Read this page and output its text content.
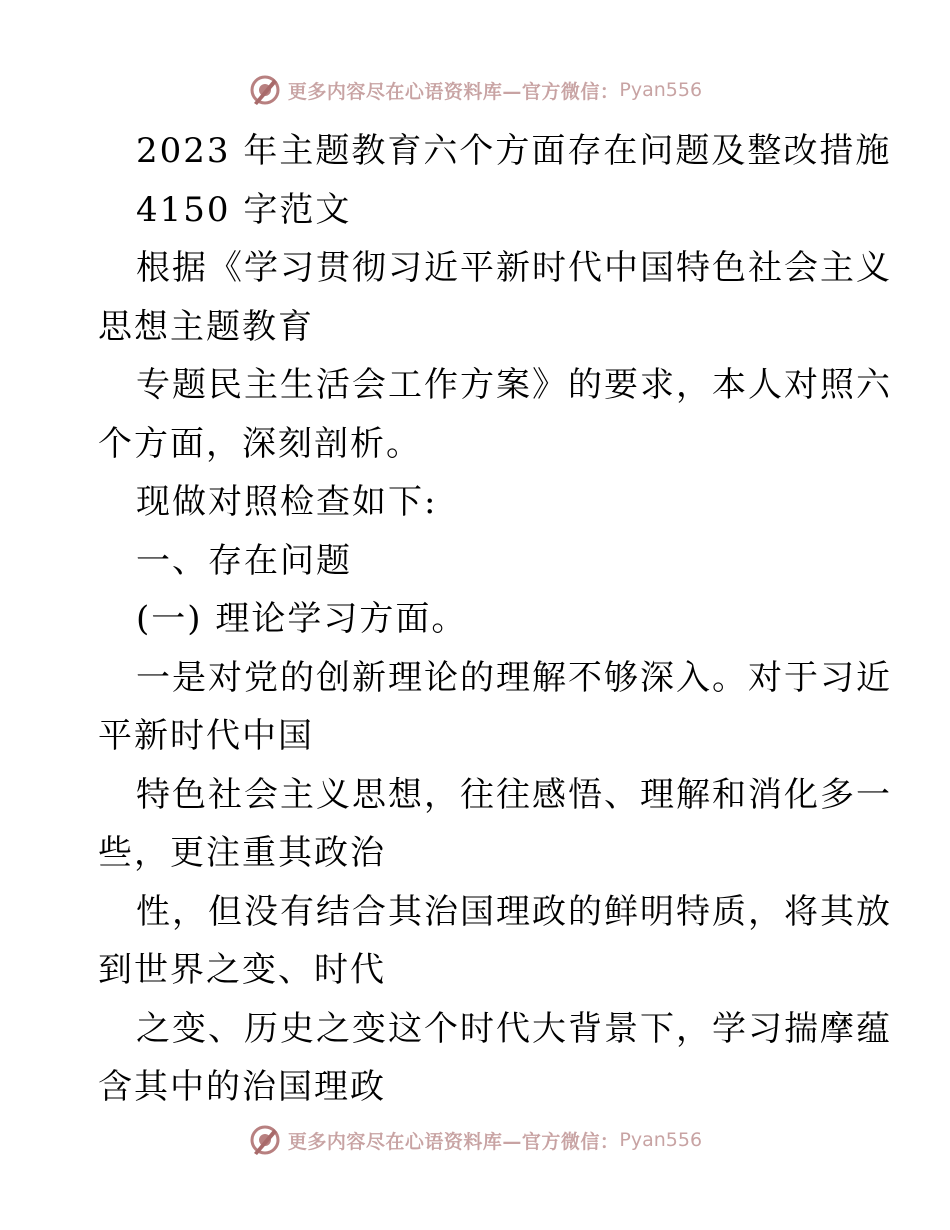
更多内容尽在心语资料库—官方微信： Pyan556

2023 年主题教育六个方面存在问题及整改措施

4150 字范文

根据《学习贯彻习近平新时代中国特色社会主义

思想主题教育

专题民主生活会工作方案》的要求，本人对照六

个方面，深刻剖析。

现做对照检查如下:

一、存在问题

(一) 理论学习方面。

一是对党的创新理论的理解不够深入。对于习近

平新时代中国

特色社会主义思想，往往感悟、理解和消化多一

些，更注重其政治

性，但没有结合其治国理政的鲜明特质，将其放

到世界之变、时代

之变、历史之变这个时代大背景下，学习揣摩蕴

含其中的治国理政

更多内容尽在心语资料库—官方微信： Pyan556
